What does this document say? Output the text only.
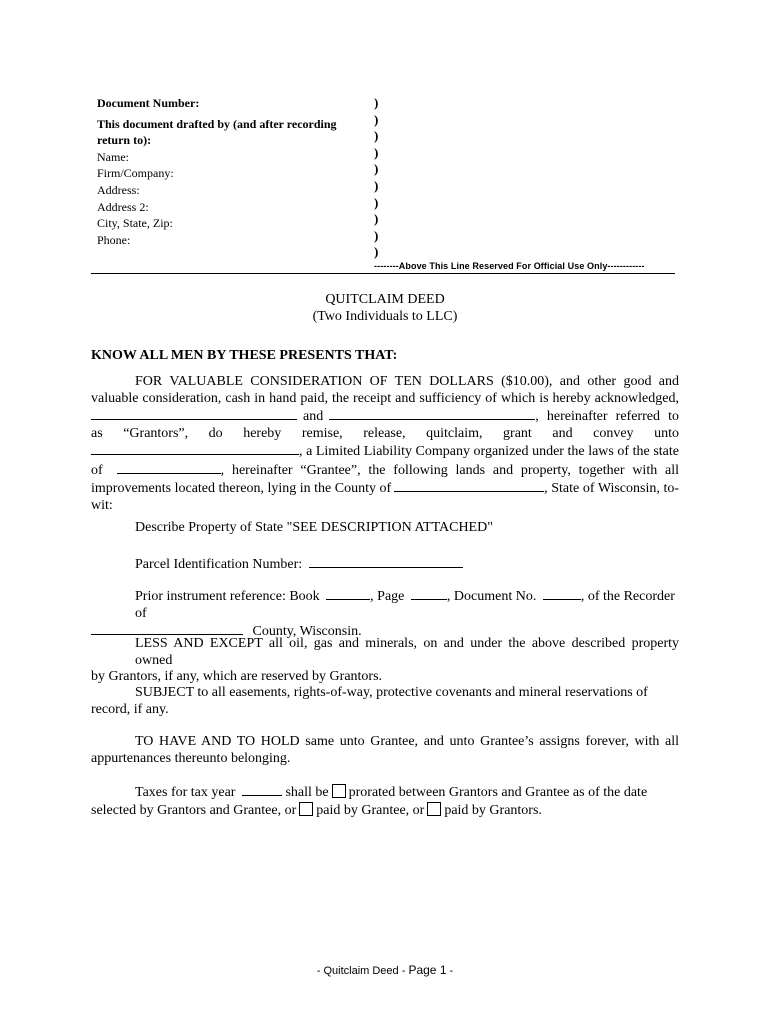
Document Number:
This document drafted by (and after recording
return to):
Name:
Firm/Company:
Address:
Address 2:
City, State, Zip:
Phone:
)
)
)
)
)
)
)
)
)
)
--------Above This Line Reserved For Official Use Only------------
QUITCLAIM DEED
(Two Individuals to LLC)
KNOW ALL MEN BY THESE PRESENTS THAT:
FOR VALUABLE CONSIDERATION OF TEN DOLLARS ($10.00), and other good and
valuable consideration, cash in hand paid, the receipt and sufficiency of which is hereby acknowledged,
and	, hereinafter referred to
as “Grantors”, do hereby remise, release, quitclaim, grant and convey unto
, a Limited Liability Company organized under the laws of the state
of	, hereinafter “Grantee”, the following lands and property, together with all
improvements located thereon, lying in the County of	, State of Wisconsin, to-
wit:
Describe Property of State "SEE DESCRIPTION ATTACHED"
Parcel Identification Number:
Prior instrument reference: Book	, Page	, Document No.	, of the Recorder of
County, Wisconsin.
LESS AND EXCEPT all oil, gas and minerals, on and under the above described property owned
by Grantors, if any, which are reserved by Grantors.
SUBJECT to all easements, rights-of-way, protective covenants and mineral reservations of
record, if any.
TO HAVE AND TO HOLD same unto Grantee, and unto Grantee’s assigns forever, with all
appurtenances thereunto belonging.
Taxes for tax year	shall be prorated between Grantors and Grantee as of the date
selected by Grantors and Grantee, or paid by Grantee, or paid by Grantors.
- Quitclaim Deed - Page 1 -
